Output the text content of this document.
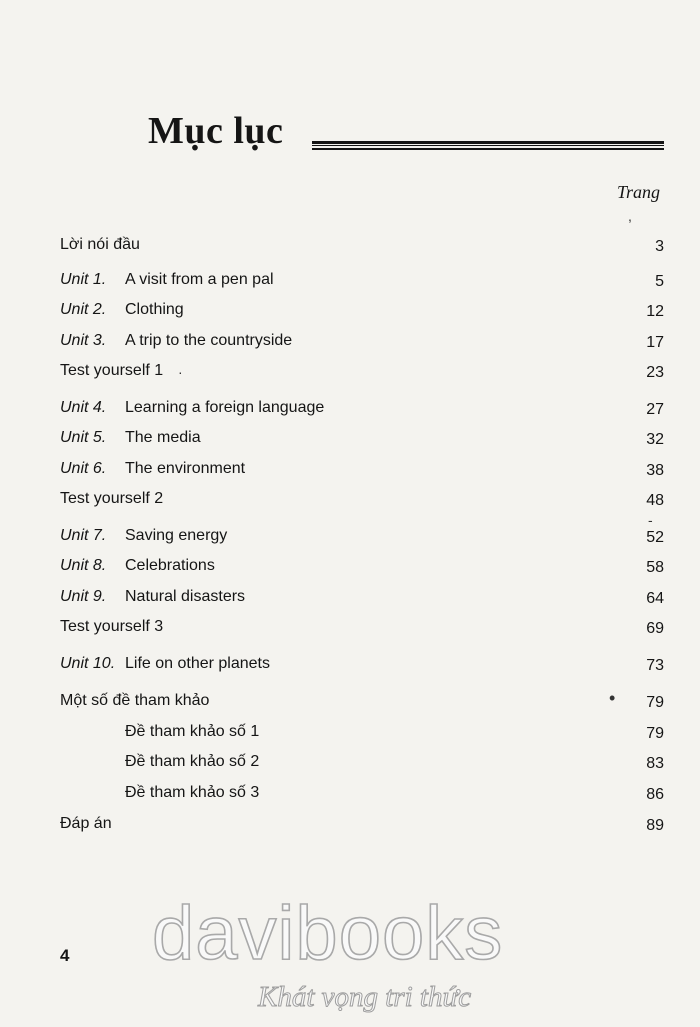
Mục lục
Trang
,
Lời nói đầu	3
Unit 1. A visit from a pen pal	5
Unit 2. Clothing	12
Unit 3. A trip to the countryside	17
Test yourself 1	23
·
Unit 4. Learning a foreign language	27
Unit 5. The media	32
Unit 6. The environment	38
Test yourself 2	48
-
Unit 7. Saving energy	52
Unit 8. Celebrations	58
Unit 9. Natural disasters	64
Test yourself 3	69
Unit 10. Life on other planets	73
Một số đề tham khảo	79
•
Đề tham khảo số 1	79
Đề tham khảo số 2	83
Đề tham khảo số 3	86
Đáp án	89
4 davibooks
Khát vọng tri thức
